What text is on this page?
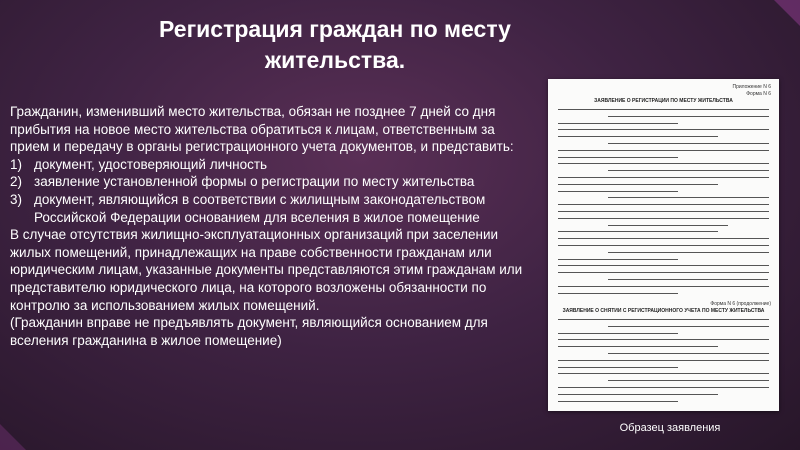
Регистрация граждан по месту жительства.

Гражданин, изменивший место жительства, обязан не позднее 7 дней со дня прибытия на новое место жительства обратиться к лицам, ответственным за прием и передачу в органы регистрационного учета документов, и представить:

1) документ, удостоверяющий личность
2) заявление установленной формы о регистрации по месту жительства
3) документ, являющийся в соответствии с жилищным законодательством Российской Федерации основанием для вселения в жилое помещение

В случае отсутствия жилищно-эксплуатационных организаций при заселении жилых помещений, принадлежащих на праве собственности гражданам или юридическим лицам, указанные документы представляются этим гражданам или представителю юридического лица, на которого возложены обязанности по контролю за использованием жилых помещений.

(Гражданин вправе не предъявлять документ, являющийся основанием для вселения гражданина в жилое помещение)

Приложение N 6
Форма N 6
ЗАЯВЛЕНИЕ О РЕГИСТРАЦИИ ПО МЕСТУ ЖИТЕЛЬСТВА
Форма N 6 (продолжение)
ЗАЯВЛЕНИЕ О СНЯТИИ С РЕГИСТРАЦИОННОГО УЧЕТА ПО МЕСТУ ЖИТЕЛЬСТВА
Образец заявления
